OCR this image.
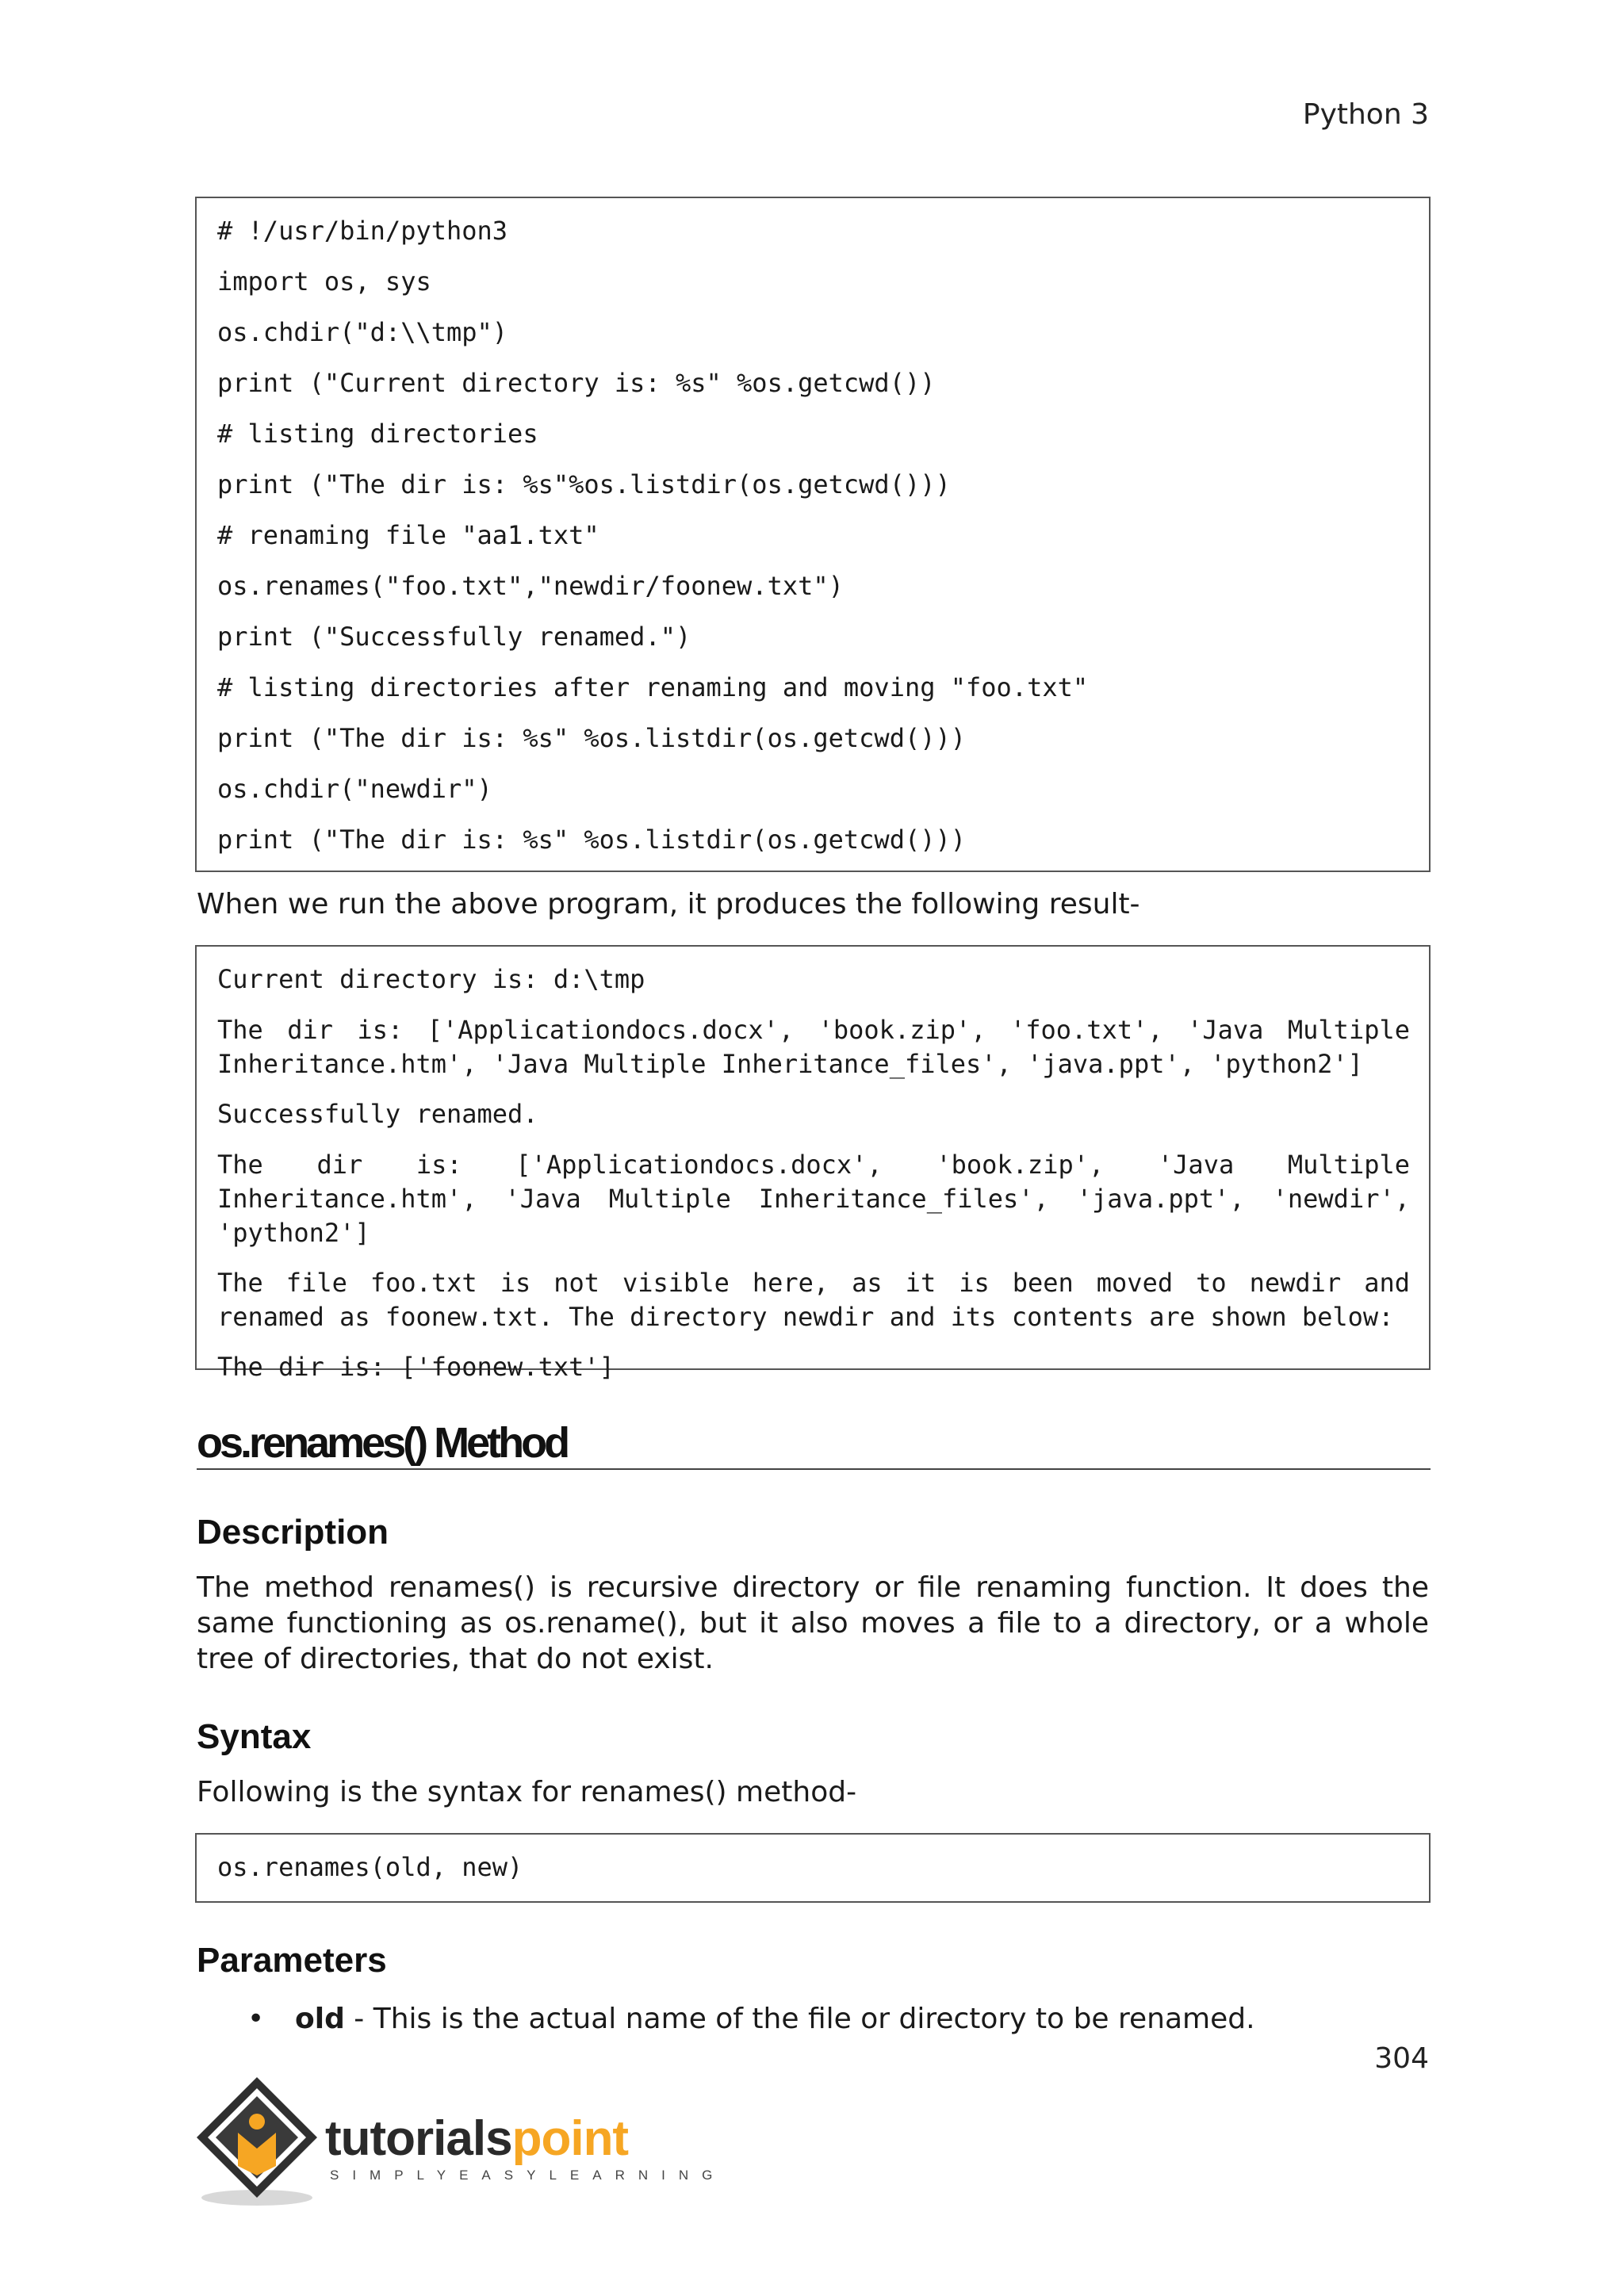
Python 3
# !/usr/bin/python3
import os, sys
os.chdir("d:\\tmp")
print ("Current directory is: %s" %os.getcwd())
# listing directories
print ("The dir is: %s"%os.listdir(os.getcwd()))
# renaming file "aa1.txt"
os.renames("foo.txt","newdir/foonew.txt")
print ("Successfully renamed.")
# listing directories after renaming and moving "foo.txt"
print ("The dir is: %s" %os.listdir(os.getcwd()))
os.chdir("newdir")
print ("The dir is: %s" %os.listdir(os.getcwd()))
When we run the above program, it produces the following result-
Current directory is: d:\tmp
The dir is: ['Applicationdocs.docx', 'book.zip', 'foo.txt', 'Java Multiple Inheritance.htm', 'Java Multiple Inheritance_files', 'java.ppt', 'python2']
Successfully renamed.
The dir is: ['Applicationdocs.docx', 'book.zip', 'Java Multiple Inheritance.htm', 'Java Multiple Inheritance_files', 'java.ppt', 'newdir', 'python2']
The file foo.txt is not visible here, as it is been moved to newdir and renamed as foonew.txt. The directory newdir and its contents are shown below:
The dir is: ['foonew.txt']
os.renames() Method
Description
The method renames() is recursive directory or file renaming function. It does the same functioning as os.rename(), but it also moves a file to a directory, or a whole tree of directories, that do not exist.
Syntax
Following is the syntax for renames() method-
os.renames(old, new)
Parameters
• old - This is the actual name of the file or directory to be renamed.
304
tutorialspoint
SIMPLYEASYLEARNING
